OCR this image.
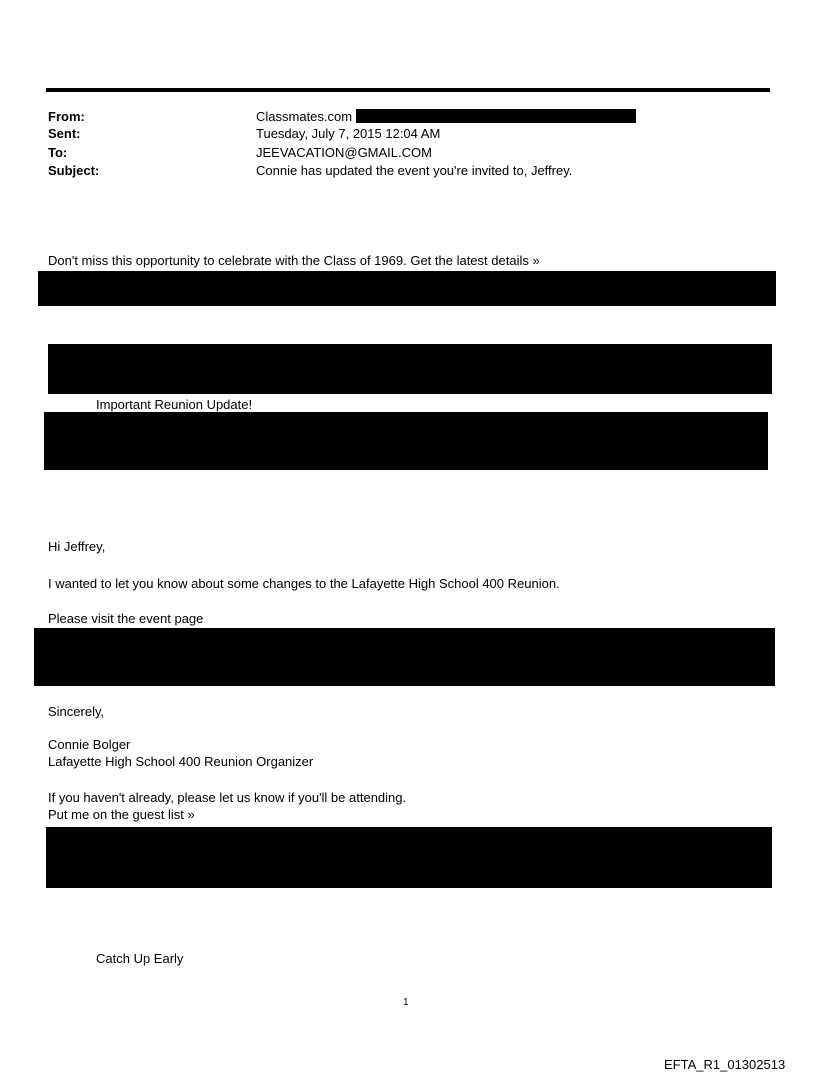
From:	Classmates.com
Sent:	Tuesday, July 7, 2015 12:04 AM
To:	JEEVACATION@GMAIL.COM
Subject:	Connie has updated the event you're invited to, Jeffrey.
Don't miss this opportunity to celebrate with the Class of 1969. Get the latest details »
Important Reunion Update!
Hi Jeffrey,
I wanted to let you know about some changes to the Lafayette High School 400 Reunion.
Please visit the event page
Sincerely,
Connie Bolger
Lafayette High School 400 Reunion Organizer
If you haven't already, please let us know if you'll be attending.
Put me on the guest list »
Catch Up Early
1
EFTA_R1_01302513
